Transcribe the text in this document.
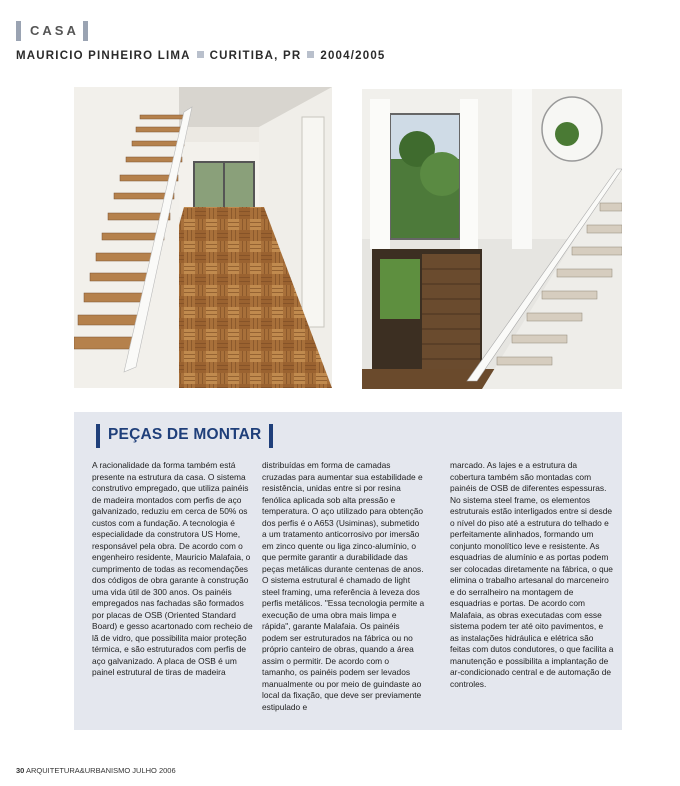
CASA
MAURICIO PINHEIRO LIMA CURITIBA, PR 2004/2005
PEÇAS DE MONTAR
A racionalidade da forma também está presente na estrutura da casa. O sistema construtivo empregado, que utiliza painéis de madeira montados com perfis de aço galvanizado, reduziu em cerca de 50% os custos com a fundação. A tecnologia é especialidade da construtora US Home, responsável pela obra. De acordo com o engenheiro residente, Mauricio Malafaia, o cumprimento de todas as recomendações dos códigos de obra garante à construção uma vida útil de 300 anos. Os painéis empregados nas fachadas são formados por placas de OSB (Oriented Standard Board) e gesso acartonado com recheio de lã de vidro, que possibilita maior proteção térmica, e são estruturados com perfis de aço galvanizado. A placa de OSB é um painel estrutural de tiras de madeira
distribuídas em forma de camadas cruzadas para aumentar sua estabilidade e resistência, unidas entre si por resina fenólica aplicada sob alta pressão e temperatura. O aço utilizado para obtenção dos perfis é o A653 (Usiminas), submetido a um tratamento anticorrosivo por imersão em zinco quente ou liga zinco-alumínio, o que permite garantir a durabilidade das peças metálicas durante centenas de anos. O sistema estrutural é chamado de light steel framing, uma referência à leveza dos perfis metálicos. "Essa tecnologia permite a execução de uma obra mais limpa e rápida", garante Malafaia. Os painéis podem ser estruturados na fábrica ou no próprio canteiro de obras, quando a área assim o permitir. De acordo com o tamanho, os painéis podem ser levados manualmente ou por meio de guindaste ao local da fixação, que deve ser previamente estipulado e
marcado. As lajes e a estrutura da cobertura também são montadas com painéis de OSB de diferentes espessuras. No sistema steel frame, os elementos estruturais estão interligados entre si desde o nível do piso até a estrutura do telhado e perfeitamente alinhados, formando um conjunto monolítico leve e resistente. As esquadrias de alumínio e as portas podem ser colocadas diretamente na fábrica, o que elimina o trabalho artesanal do marceneiro e do serralheiro na montagem de esquadrias e portas. De acordo com Malafaia, as obras executadas com esse sistema podem ter até oito pavimentos, e as instalações hidráulica e elétrica são feitas com dutos condutores, o que facilita a manutenção e possibilita a implantação de ar-condicionado central e de automação de controles.
30 ARQUITETURA&URBANISMO JULHO 2006
